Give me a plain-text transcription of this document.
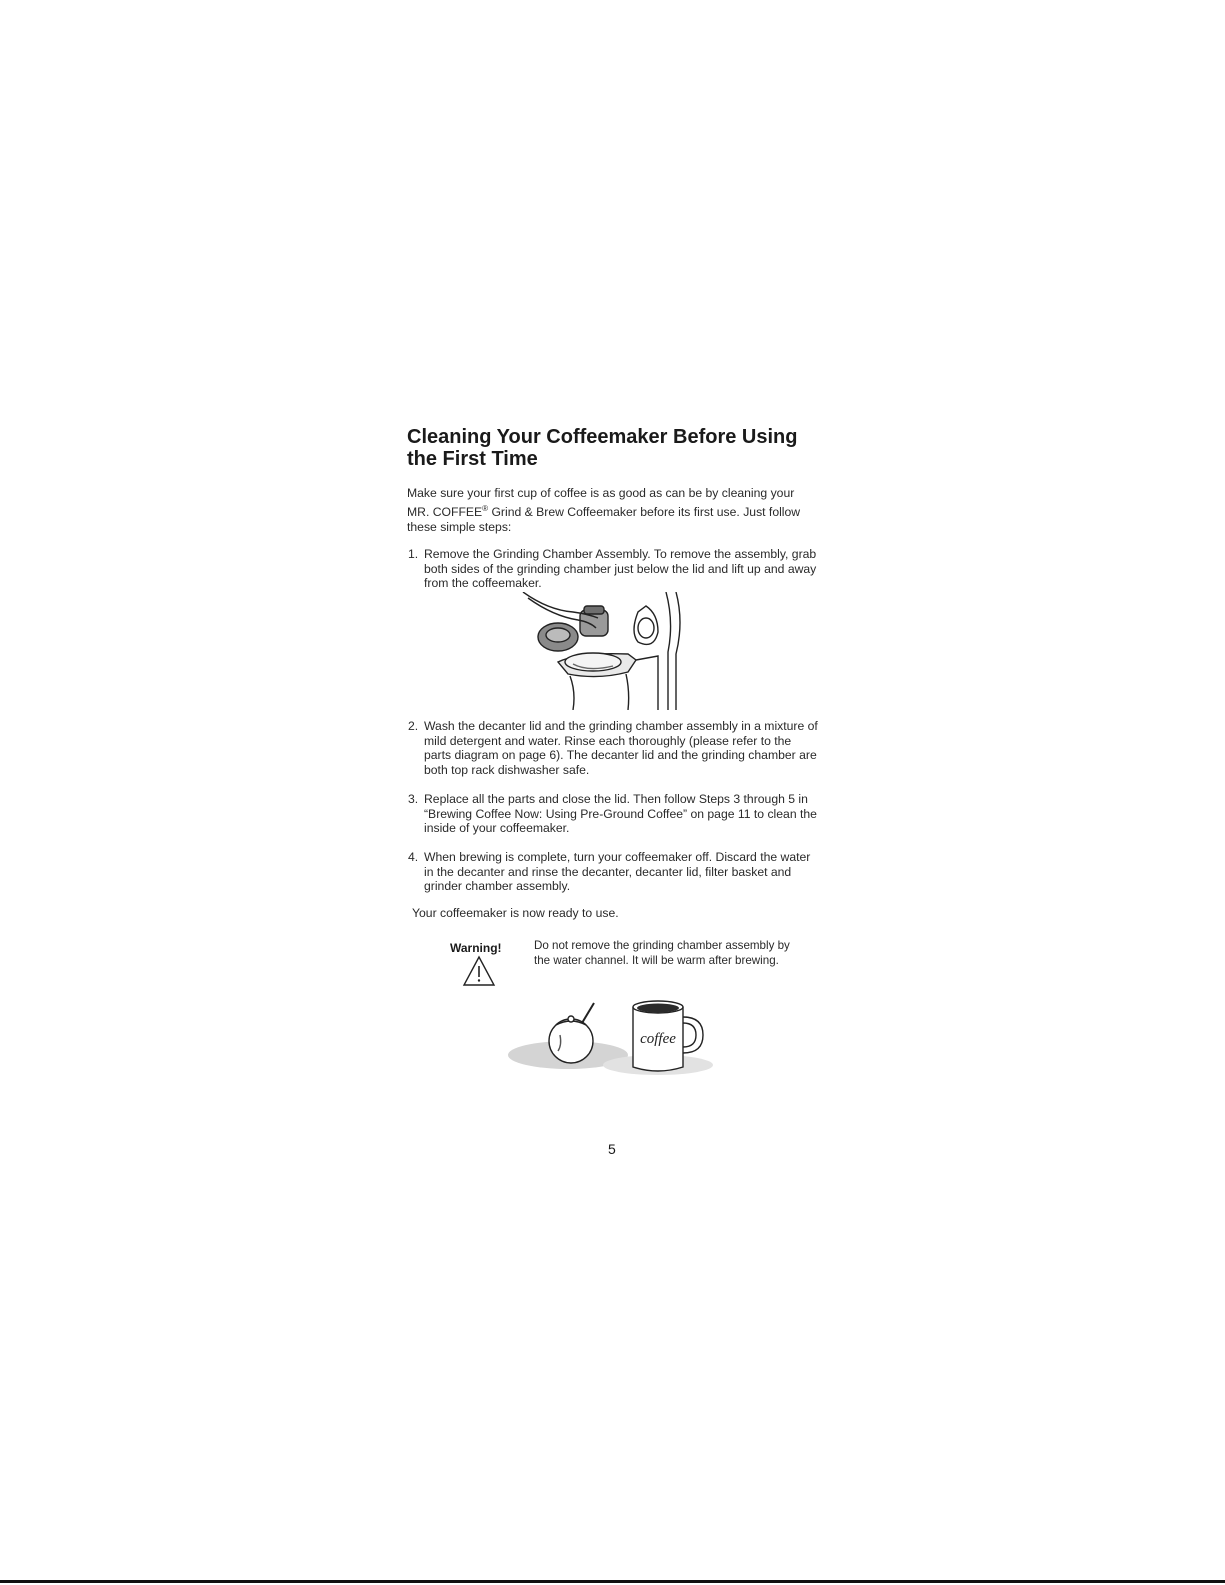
Cleaning Your Coffeemaker Before Using the First Time

Make sure your first cup of coffee is as good as can be by cleaning your MR. COFFEE® Grind & Brew Coffeemaker before its first use. Just follow these simple steps:

1. Remove the Grinding Chamber Assembly. To remove the assembly, grab both sides of the grinding chamber just below the lid and lift up and away from the coffeemaker.

2. Wash the decanter lid and the grinding chamber assembly in a mixture of mild detergent and water. Rinse each thoroughly (please refer to the parts diagram on page 6). The decanter lid and the grinding chamber are both top rack dishwasher safe.

3. Replace all the parts and close the lid. Then follow Steps 3 through 5 in “Brewing Coffee Now: Using Pre-Ground Coffee” on page 11 to clean the inside of your coffeemaker.

4. When brewing is complete, turn your coffeemaker off. Discard the water in the decanter and rinse the decanter, decanter lid, filter basket and grinder chamber assembly.

Your coffeemaker is now ready to use.

Warning!	Do not remove the grinding chamber assembly by the water channel. It will be warm after brewing.

coffee

5
